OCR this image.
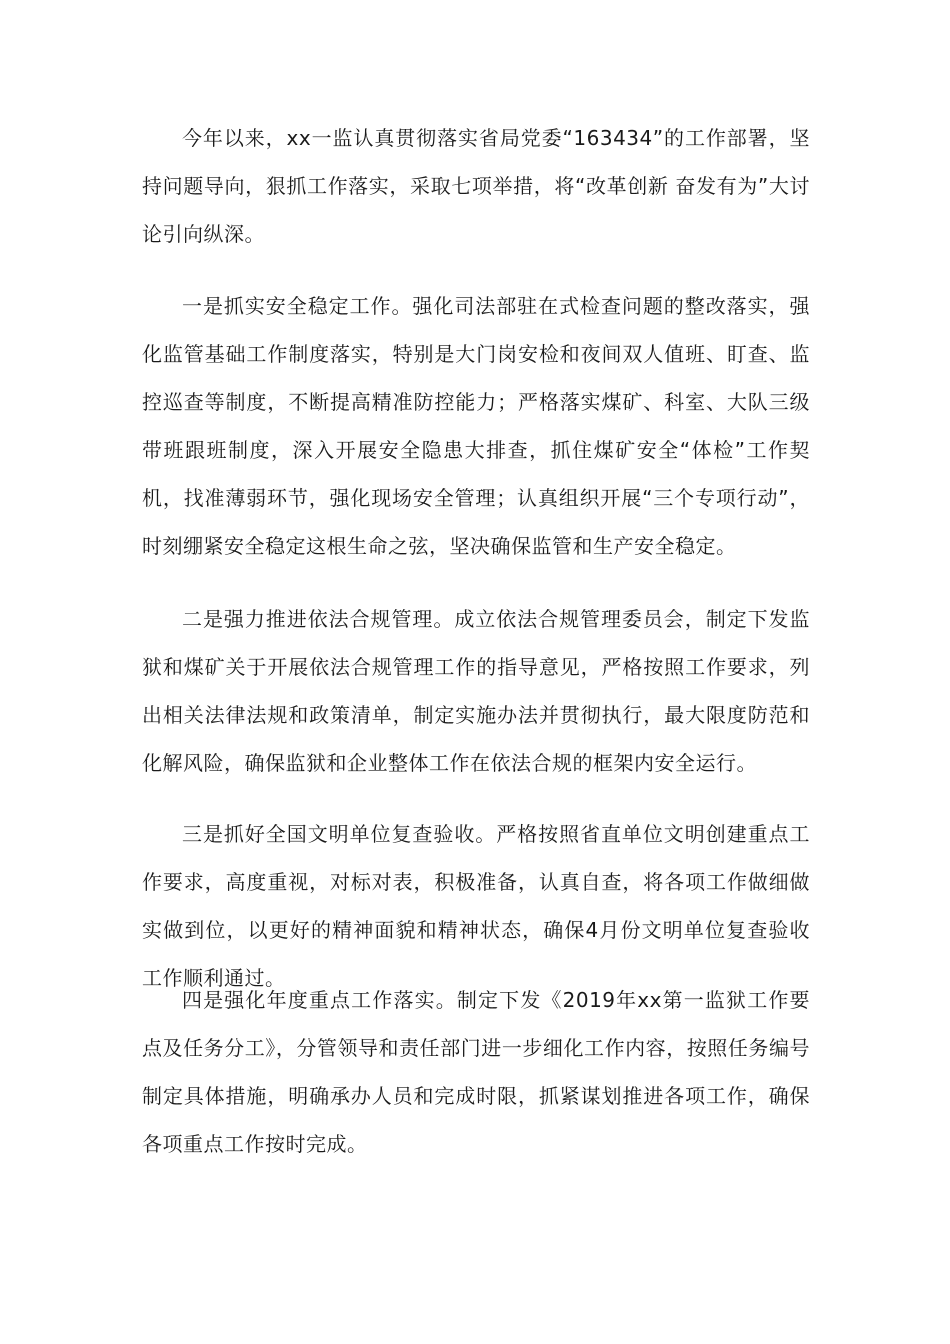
今年以来，xx一监认真贯彻落实省局党委“163434”的工作部署，坚持问题导向，狠抓工作落实，采取七项举措，将“改革创新 奋发有为”大讨论引向纵深。

一是抓实安全稳定工作。强化司法部驻在式检查问题的整改落实，强化监管基础工作制度落实，特别是大门岗安检和夜间双人值班、盯查、监控巡查等制度，不断提高精准防控能力；严格落实煤矿、科室、大队三级带班跟班制度，深入开展安全隐患大排查，抓住煤矿安全“体检”工作契机，找准薄弱环节，强化现场安全管理；认真组织开展“三个专项行动”，时刻绷紧安全稳定这根生命之弦，坚决确保监管和生产安全稳定。

二是强力推进依法合规管理。成立依法合规管理委员会，制定下发监狱和煤矿关于开展依法合规管理工作的指导意见，严格按照工作要求，列出相关法律法规和政策清单，制定实施办法并贯彻执行，最大限度防范和化解风险，确保监狱和企业整体工作在依法合规的框架内安全运行。

三是抓好全国文明单位复查验收。严格按照省直单位文明创建重点工作要求，高度重视，对标对表，积极准备，认真自查，将各项工作做细做实做到位，以更好的精神面貌和精神状态，确保4月份文明单位复查验收工作顺利通过。

四是强化年度重点工作落实。制定下发《2019年xx第一监狱工作要点及任务分工》，分管领导和责任部门进一步细化工作内容，按照任务编号制定具体措施，明确承办人员和完成时限，抓紧谋划推进各项工作，确保各项重点工作按时完成。
